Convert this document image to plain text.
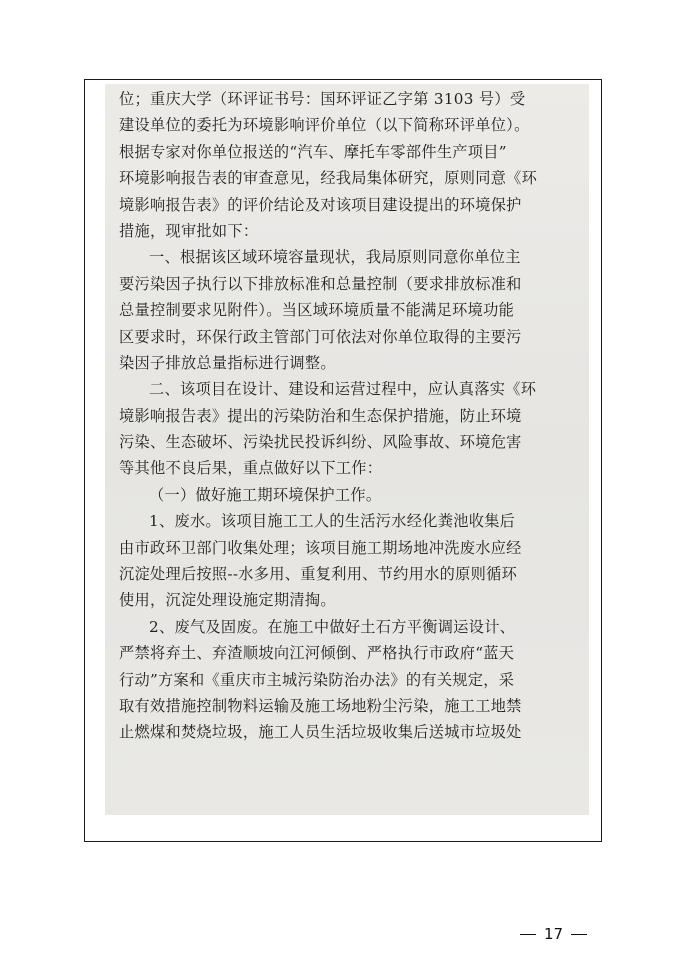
位；重庆大学（环评证书号：国环评证乙字第 3103 号）受
建设单位的委托为环境影响评价单位（以下简称环评单位）。
根据专家对你单位报送的“汽车、摩托车零部件生产项目”
环境影响报告表的审查意见，经我局集体研究，原则同意《环
境影响报告表》的评价结论及对该项目建设提出的环境保护
措施，现审批如下：
一、根据该区域环境容量现状，我局原则同意你单位主
要污染因子执行以下排放标准和总量控制（要求排放标准和
总量控制要求见附件）。当区域环境质量不能满足环境功能
区要求时，环保行政主管部门可依法对你单位取得的主要污
染因子排放总量指标进行调整。
二、该项目在设计、建设和运营过程中，应认真落实《环
境影响报告表》提出的污染防治和生态保护措施，防止环境
污染、生态破坏、污染扰民投诉纠纷、风险事故、环境危害
等其他不良后果，重点做好以下工作：
（一）做好施工期环境保护工作。
1、废水。该项目施工工人的生活污水经化粪池收集后
由市政环卫部门收集处理；该项目施工期场地冲洗废水应经
沉淀处理后按照--水多用、重复利用、节约用水的原则循环
使用，沉淀处理设施定期清掏。
2、废气及固废。在施工中做好土石方平衡调运设计、
严禁将弃土、弃渣顺坡向江河倾倒、严格执行市政府“蓝天
行动”方案和《重庆市主城污染防治办法》的有关规定，采
取有效措施控制物料运输及施工场地粉尘污染，施工工地禁
止燃煤和焚烧垃圾，施工人员生活垃圾收集后送城市垃圾处
17
